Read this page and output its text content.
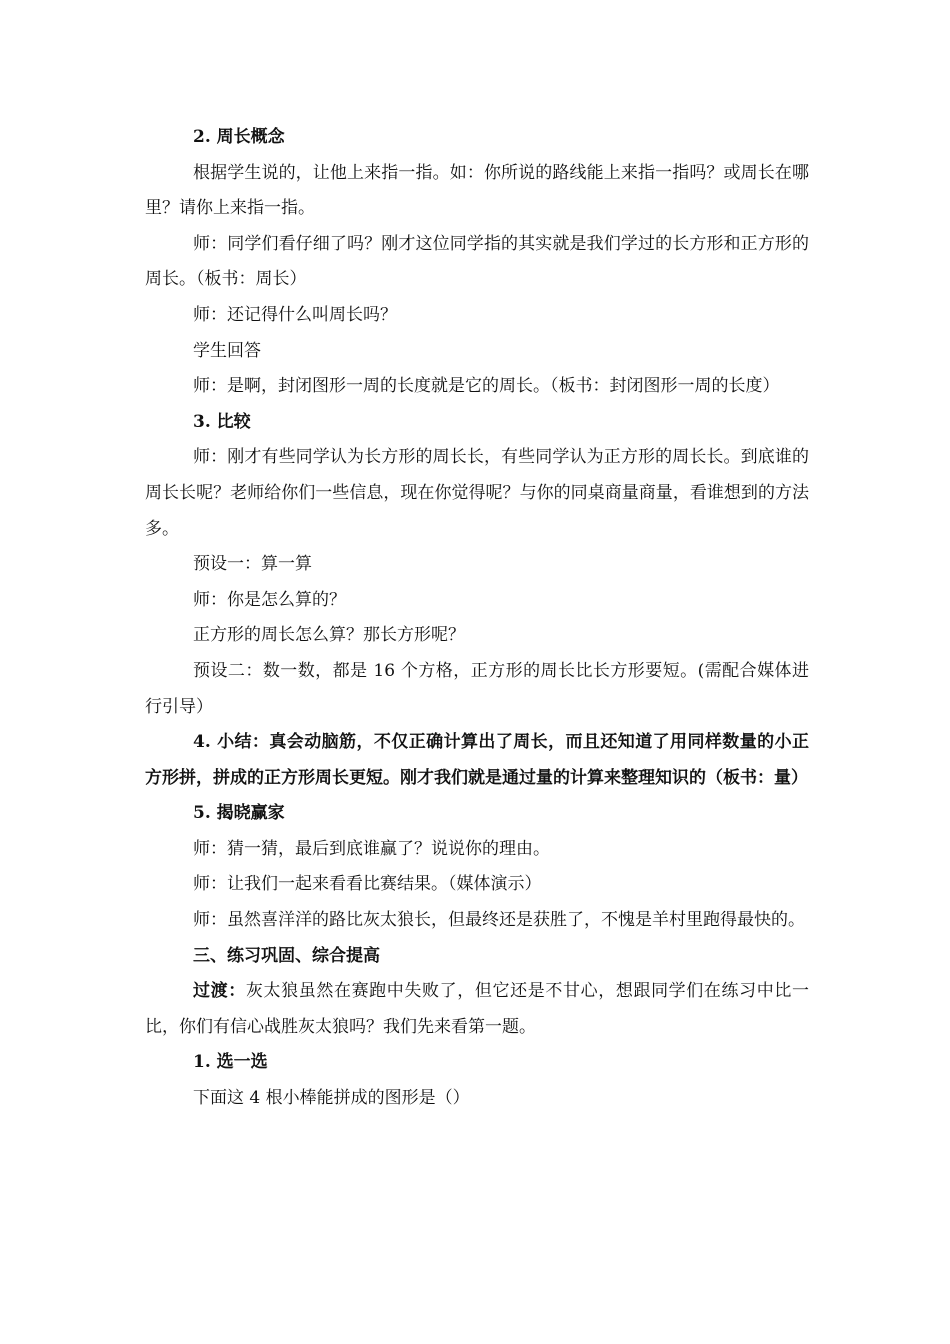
2. 周长概念

根据学生说的，让他上来指一指。如：你所说的路线能上来指一指吗？或周长在哪里？请你上来指一指。

师：同学们看仔细了吗？刚才这位同学指的其实就是我们学过的长方形和正方形的周长。（板书：周长）

师：还记得什么叫周长吗？

学生回答

师：是啊，封闭图形一周的长度就是它的周长。（板书：封闭图形一周的长度）

3. 比较

师：刚才有些同学认为长方形的周长长，有些同学认为正方形的周长长。到底谁的周长长呢？老师给你们一些信息，现在你觉得呢？与你的同桌商量商量，看谁想到的方法多。

预设一：算一算

师：你是怎么算的？

正方形的周长怎么算？那长方形呢？

预设二：数一数，都是 16 个方格，正方形的周长比长方形要短。(需配合媒体进行引导）

4. 小结：真会动脑筋，不仅正确计算出了周长，而且还知道了用同样数量的小正方形拼，拼成的正方形周长更短。刚才我们就是通过量的计算来整理知识的（板书：量）

5. 揭晓赢家

师：猜一猜，最后到底谁赢了？说说你的理由。

师：让我们一起来看看比赛结果。（媒体演示）

师：虽然喜洋洋的路比灰太狼长，但最终还是获胜了，不愧是羊村里跑得最快的。

三、练习巩固、综合提高

过渡：灰太狼虽然在赛跑中失败了，但它还是不甘心，想跟同学们在练习中比一比，你们有信心战胜灰太狼吗？我们先来看第一题。

1. 选一选

下面这 4 根小棒能拼成的图形是（）
